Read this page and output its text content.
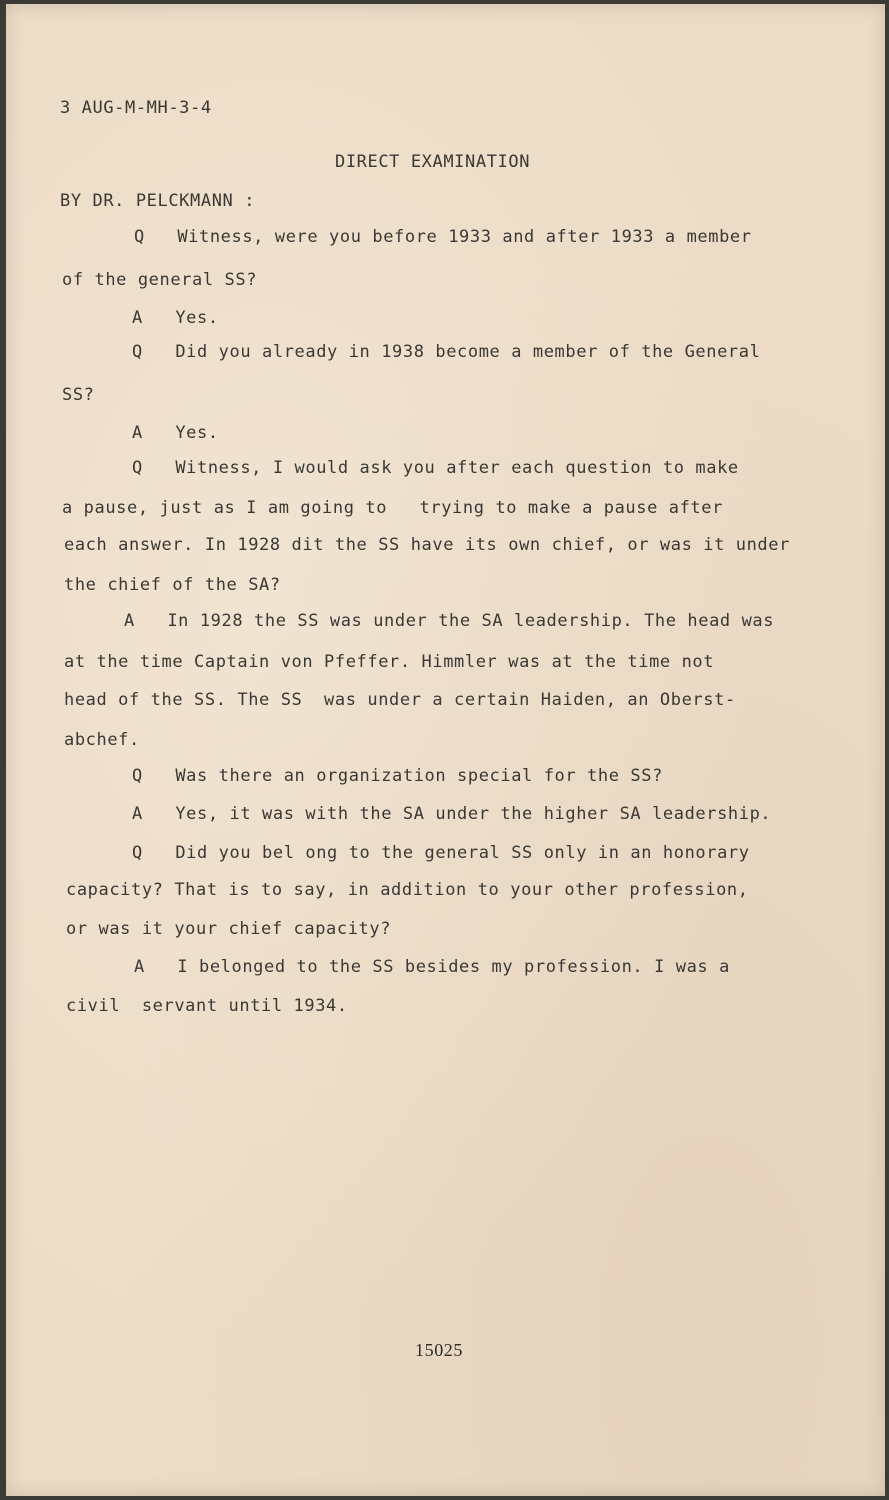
3 AUG-M-MH-3-4

DIRECT EXAMINATION

BY DR. PELCKMANN :

Q   Witness, were you before 1933 and after 1933 a member

of the general SS?

A   Yes.

Q   Did you already in 1938 become a member of the General

SS?

A   Yes.

Q   Witness, I would ask you after each question to make

a pause, just as I am going to   trying to make a pause after

each answer. In 1928 dit the SS have its own chief, or was it under

the chief of the SA?

A   In 1928 the SS was under the SA leadership. The head was

at the time Captain von Pfeffer. Himmler was at the time not

head of the SS. The SS  was under a certain Haiden, an Oberst-

abchef.

Q   Was there an organization special for the SS?

A   Yes, it was with the SA under the higher SA leadership.

Q   Did you bel ong to the general SS only in an honorary

capacity? That is to say, in addition to your other profession,

or was it your chief capacity?

A   I belonged to the SS besides my profession. I was a

civil  servant until 1934.

15025
